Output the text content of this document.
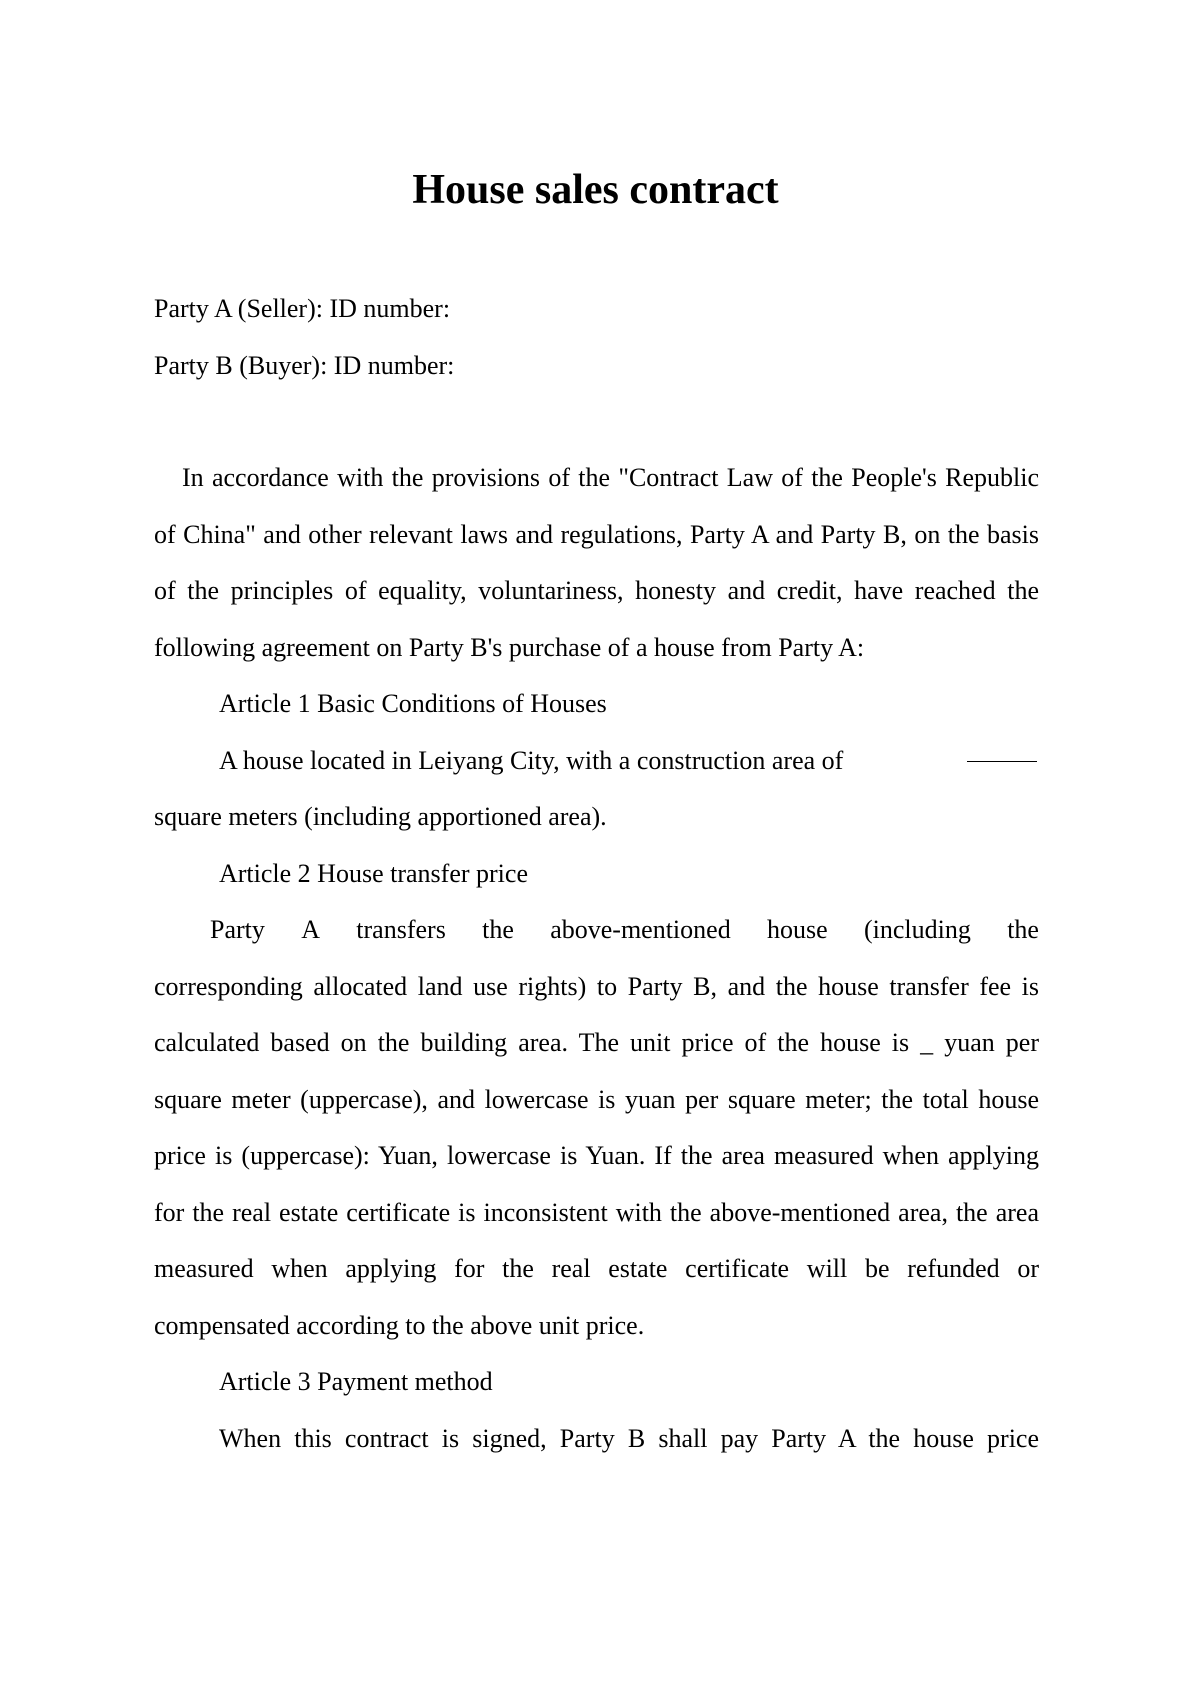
House sales contract

Party A (Seller): ID number:

Party B (Buyer): ID number:

In accordance with the provisions of the "Contract Law of the People's Republic of China" and other relevant laws and regulations, Party A and Party B, on the basis of the principles of equality, voluntariness, honesty and credit, have reached the following agreement on Party B's purchase of a house from Party A:

Article 1 Basic Conditions of Houses

A house located in Leiyang City, with a construction area of

square meters (including apportioned area).

Article 2 House transfer price

Party A transfers the above-mentioned house (including the

corresponding allocated land use rights) to Party B, and the house transfer fee is calculated based on the building area. The unit price of the house is _ yuan per square meter (uppercase), and lowercase is yuan per square meter; the total house price is (uppercase): Yuan, lowercase is Yuan. If the area measured when applying for the real estate certificate is inconsistent with the above-mentioned area, the area measured when applying for the real estate certificate will be refunded or compensated according to the above unit price.

Article 3 Payment method

When this contract is signed, Party B shall pay Party A the house price
